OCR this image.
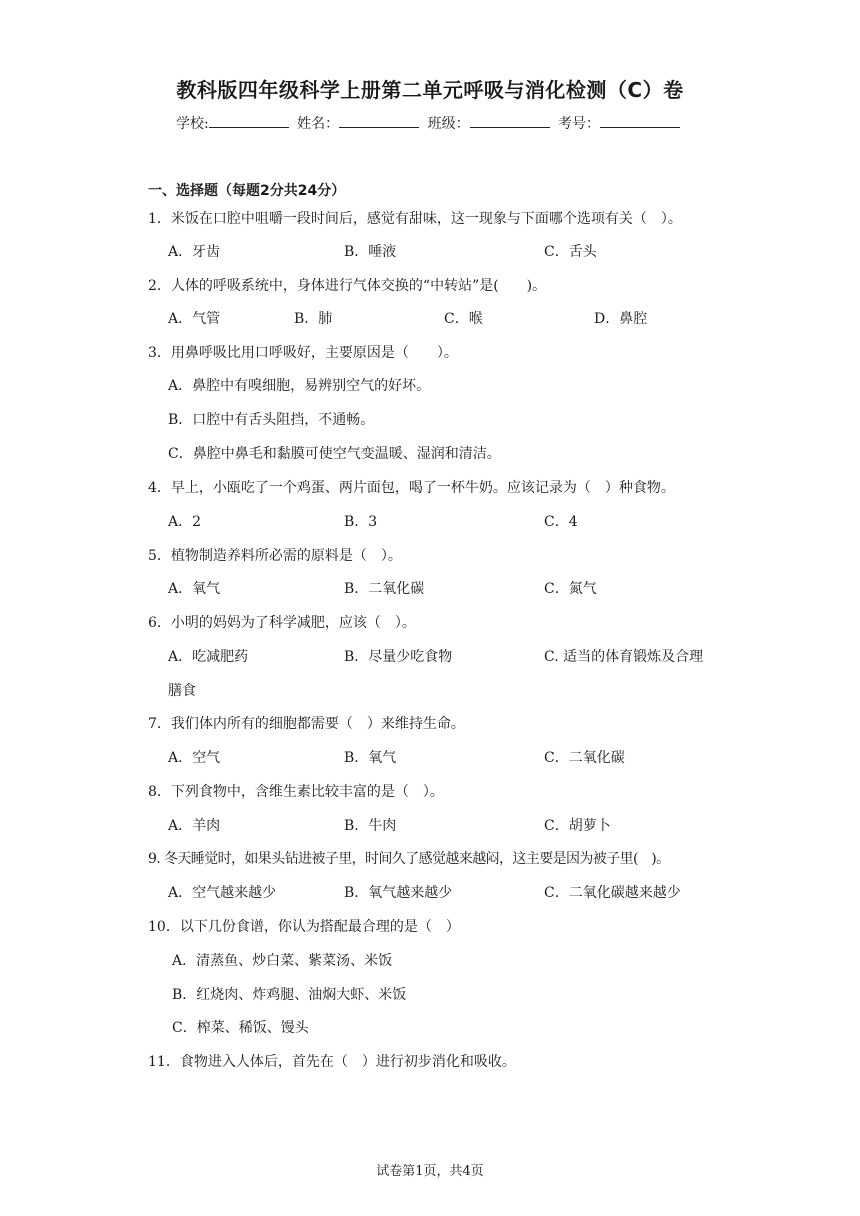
教科版四年级科学上册第二单元呼吸与消化检测（C）卷
学校:	姓名：	班级：	考号：
一、选择题（每题2分共24分）
1．米饭在口腔中咀嚼一段时间后，感觉有甜味，这一现象与下面哪个选项有关（　）。
A．牙齿	B．唾液	C．舌头
2．人体的呼吸系统中，身体进行气体交换的“中转站”是(　　)。
A．气管	B．肺	C．喉	D．鼻腔
3．用鼻呼吸比用口呼吸好，主要原因是（　　）。
A．鼻腔中有嗅细胞，易辨别空气的好坏。
B．口腔中有舌头阻挡，不通畅。
C．鼻腔中鼻毛和黏膜可使空气变温暖、湿润和清洁。
4．早上，小瓯吃了一个鸡蛋、两片面包，喝了一杯牛奶。应该记录为（　）种食物。
A．2	B．3	C．4
5．植物制造养料所必需的原料是（　）。
A．氧气	B．二氧化碳	C．氮气
6．小明的妈妈为了科学减肥，应该（　）。
A．吃减肥药	B．尽量少吃食物	C. 适当的体育锻炼及合理
膳食
7．我们体内所有的细胞都需要（　）来维持生命。
A．空气	B．氧气	C．二氧化碳
8．下列食物中，含维生素比较丰富的是（　）。
A．羊肉	B．牛肉	C．胡萝卜
9. 冬天睡觉时，如果头钻进被子里，时间久了感觉越来越闷，这主要是因为被子里(　)。
A．空气越来越少	B．氧气越来越少	C．二氧化碳越来越少
10．以下几份食谱，你认为搭配最合理的是（　）
A．清蒸鱼、炒白菜、紫菜汤、米饭
B．红烧肉、炸鸡腿、油焖大虾、米饭
C．榨菜、稀饭、馒头
11．食物进入人体后，首先在（　）进行初步消化和吸收。
试卷第1页，共4页
